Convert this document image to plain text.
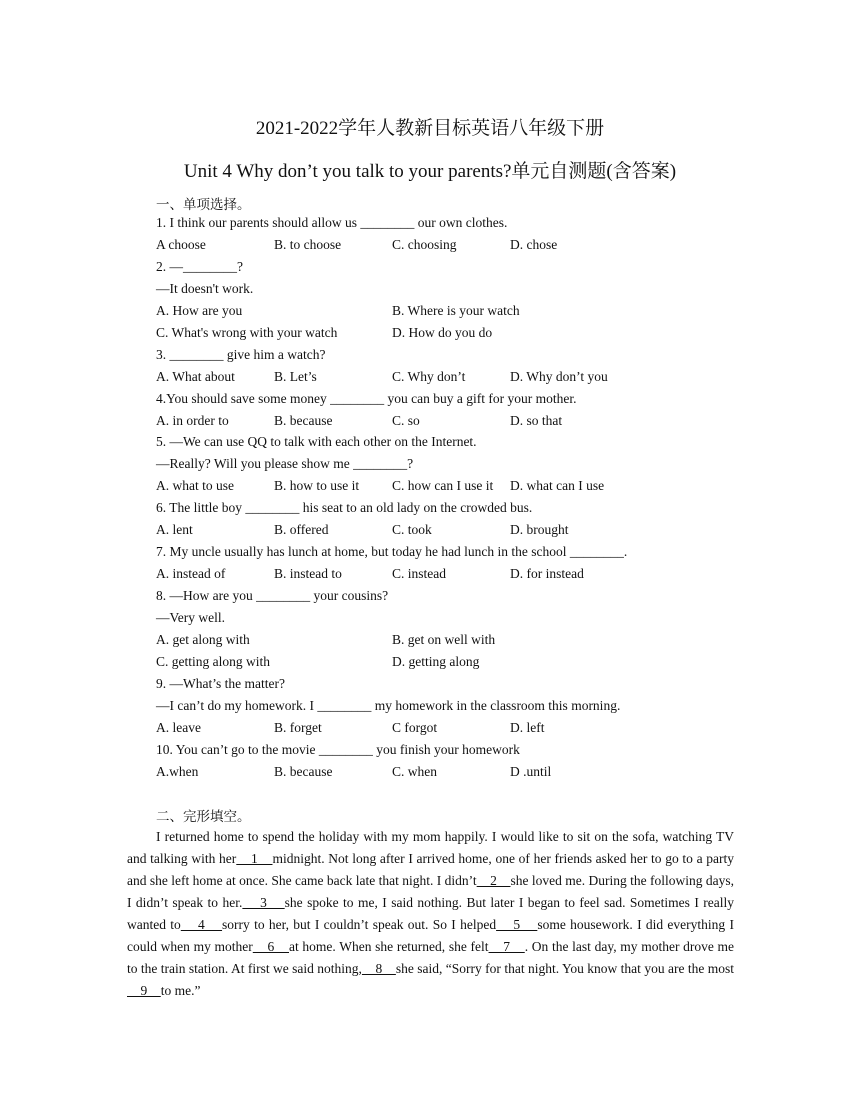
2021-2022学年人教新目标英语八年级下册
Unit 4 Why don’t you talk to your parents?单元自测题(含答案)
一、单项选择。
1. I think our parents should allow us ________ our own clothes.
A choose	B. to choose	C. choosing	D. chose
2. —________?
—It doesn't work.
A. How are you	B. Where is your watch
C. What's wrong with your watch	D. How do you do
3. ________ give him a watch?
A. What about	B. Let’s	C. Why don’t	D. Why don’t you
4.You should save some money ________ you can buy a gift for your mother.
A. in order to	B. because	C. so	D. so that
5. —We can use QQ to talk with each other on the Internet.
—Really? Will you please show me ________?
A. what to use	B. how to use it C. how can I use it D. what can I use
6. The little boy ________ his seat to an old lady on the crowded bus.
A. lent	B. offered	C. took	D. brought
7. My uncle usually has lunch at home, but today he had lunch in the school ________.
A. instead of	B. instead to	C. instead	D. for instead
8. —How are you ________ your cousins?
—Very well.
A. get along with	B. get on well with
C. getting along with	D. getting along
9. —What’s the matter?
—I can’t do my homework. I ________ my homework in the classroom this morning.
A. leave	B. forget	C forgot	D. left
10. You can’t go to the movie ________ you finish your homework
A.when	B. because	C. when	D .until
二、完形填空。

I returned home to spend the holiday with my mom happily. I would like to sit on the sofa, watching TV and talking with her    1    midnight. Not long after I arrived home, one of her friends asked her to go to a party and she left home at once. She came back late that night. I didn’t    2    she loved me. During the following days, I didn’t speak to her.    3    she spoke to me, I said nothing. But later I began to feel sad. Sometimes I really wanted to    4    sorry to her, but I couldn’t speak out. So I helped    5    some housework. I did everything I could when my mother    6    at home. When she returned, she felt    7    . On the last day, my mother drove me to the train station. At first we said nothing,    8    she said, “Sorry for that night. You know that you are the most    9    to me.”
